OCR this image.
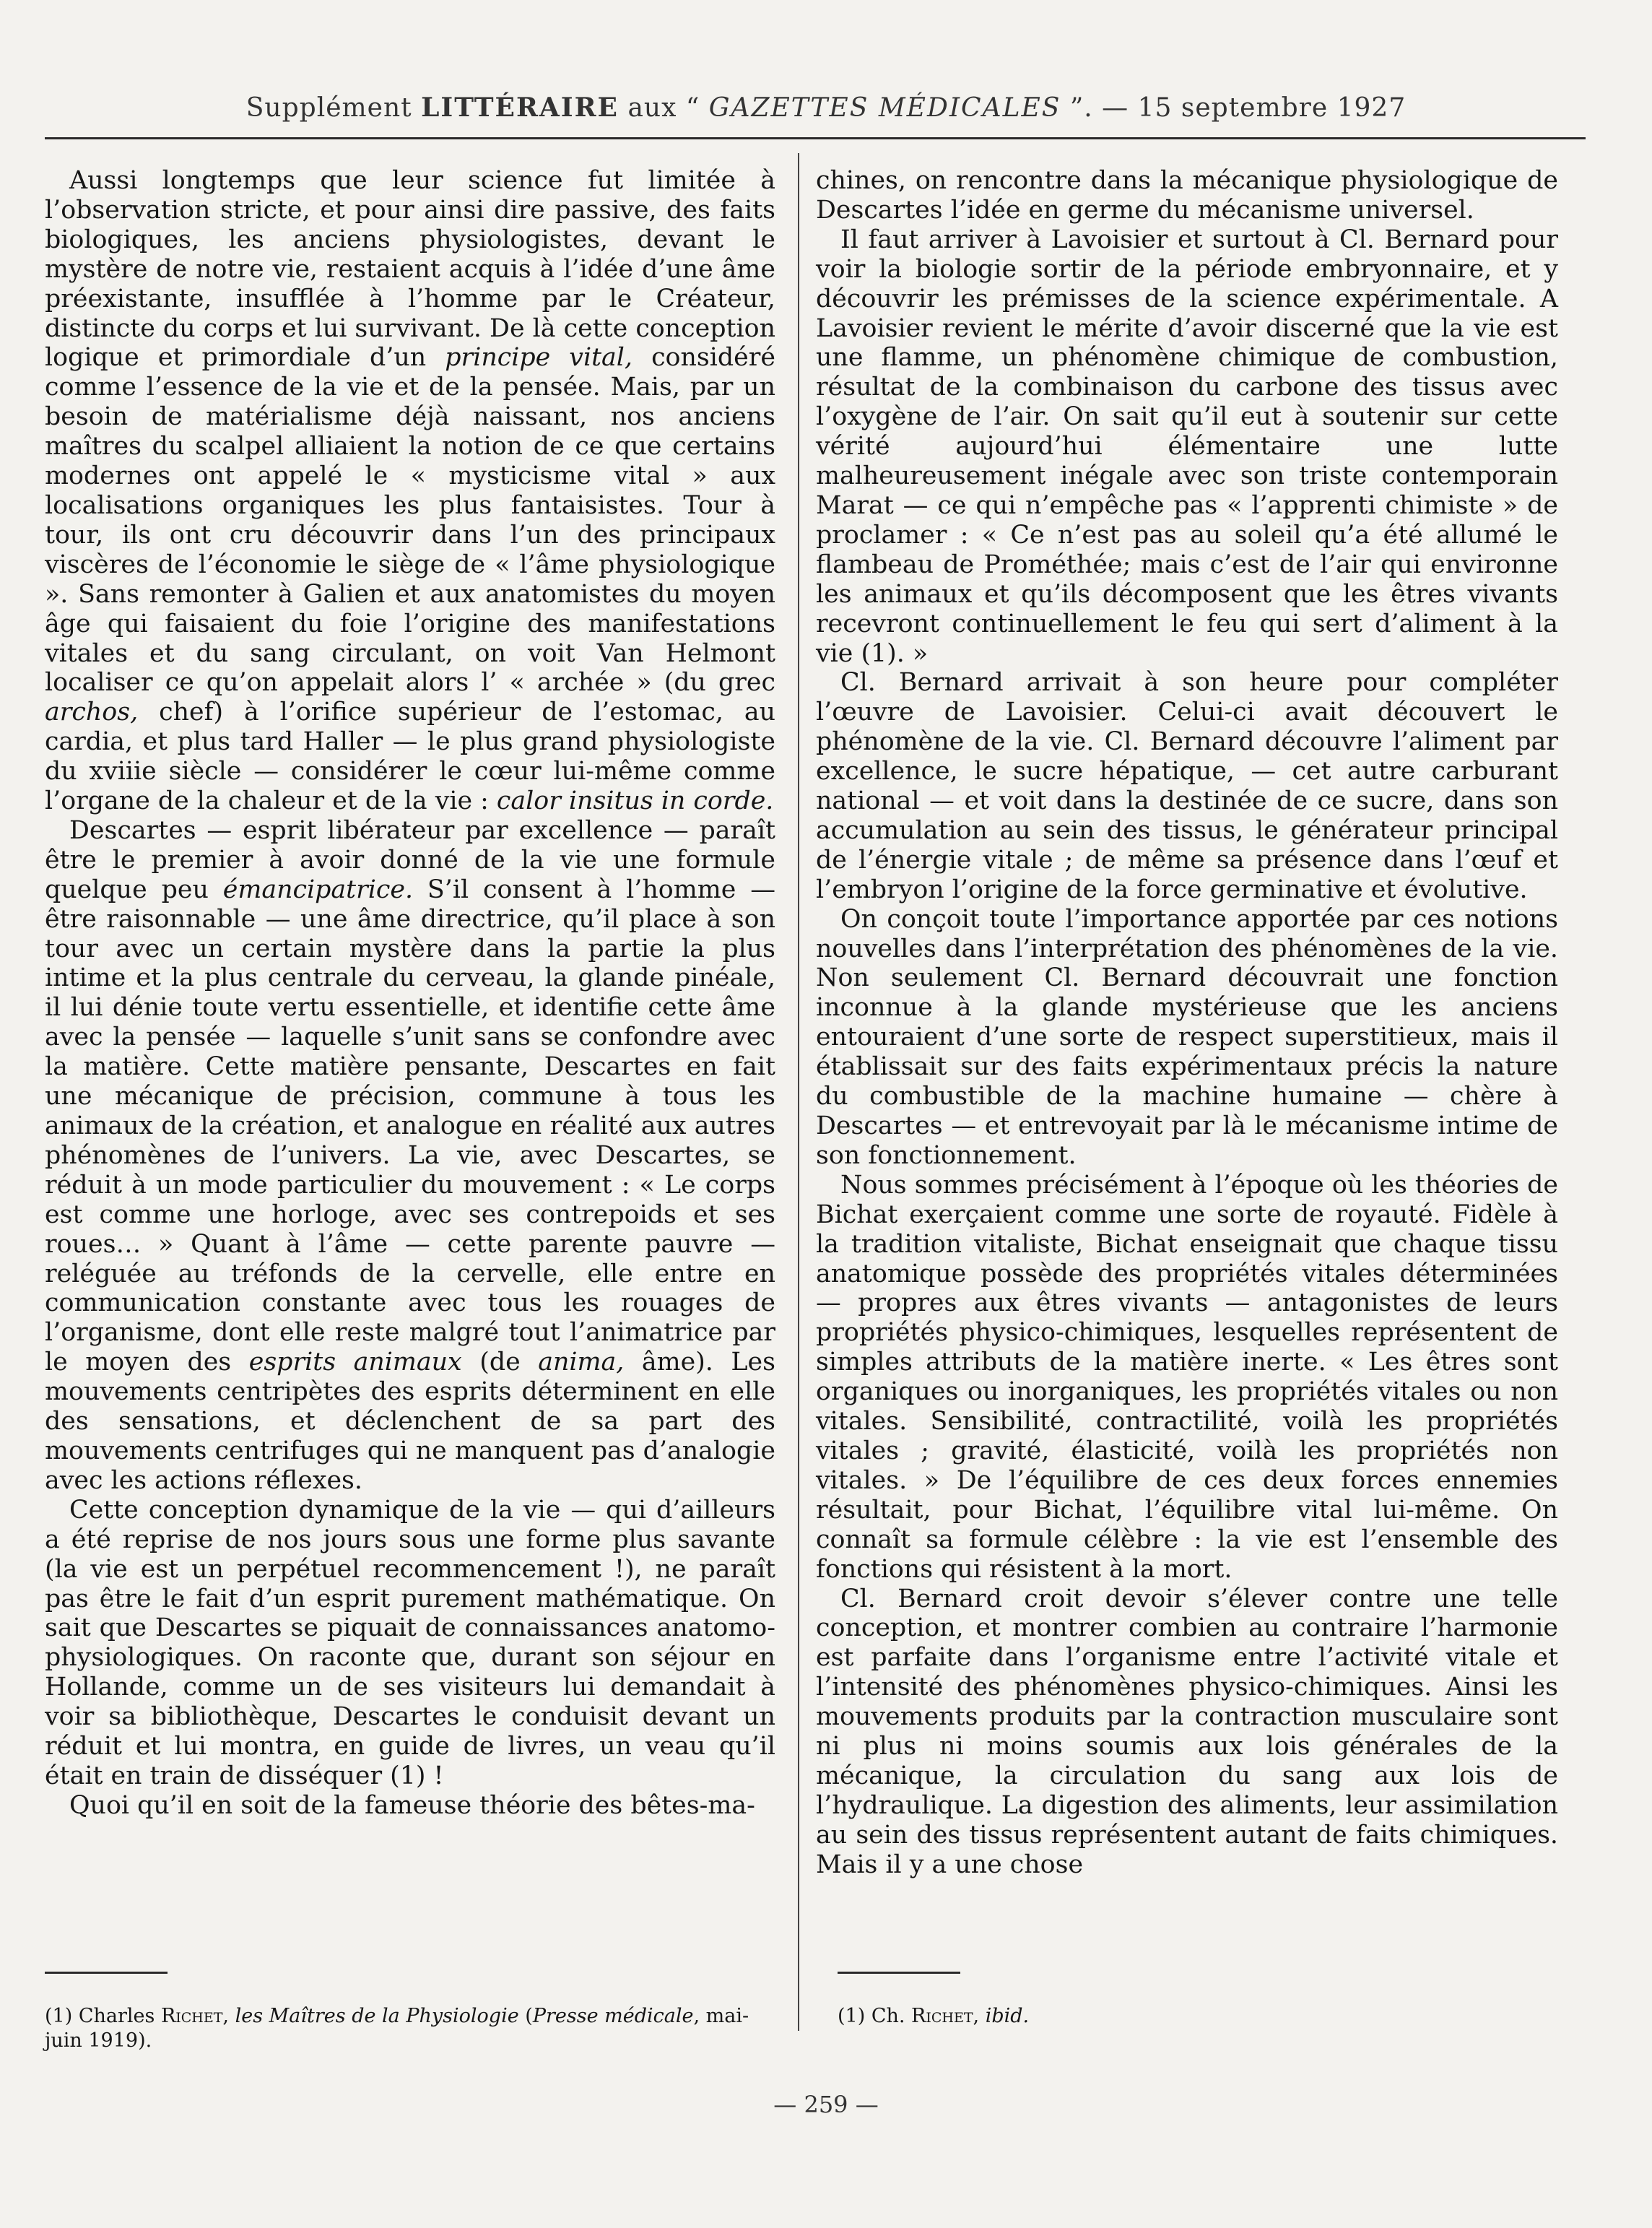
Supplément LITTÉRAIRE aux “ GAZETTES MÉDICALES ”. — 15 septembre 1927

Aussi longtemps que leur science fut limitée à l’observation stricte, et pour ainsi dire passive, des faits biologiques, les anciens physiologistes, devant le mystère de notre vie, restaient acquis à l’idée d’une âme préexistante, insufflée à l’homme par le Créateur, distincte du corps et lui survivant. De là cette conception logique et primordiale d’un principe vital, considéré comme l’essence de la vie et de la pensée. Mais, par un besoin de matérialisme déjà naissant, nos anciens maîtres du scalpel alliaient la notion de ce que certains modernes ont appelé le « mysticisme vital » aux localisations organiques les plus fantaisistes. Tour à tour, ils ont cru découvrir dans l’un des principaux viscères de l’économie le siège de « l’âme physiologique ». Sans remonter à Galien et aux anatomistes du moyen âge qui faisaient du foie l’origine des manifestations vitales et du sang circulant, on voit Van Helmont localiser ce qu’on appelait alors l’ « archée » (du grec archos, chef) à l’orifice supérieur de l’estomac, au cardia, et plus tard Haller — le plus grand physiologiste du xviiie siècle — considérer le cœur lui-même comme l’organe de la chaleur et de la vie : calor insitus in corde.

Descartes — esprit libérateur par excellence — paraît être le premier à avoir donné de la vie une formule quelque peu émancipatrice. S’il consent à l’homme — être raisonnable — une âme directrice, qu’il place à son tour avec un certain mystère dans la partie la plus intime et la plus centrale du cerveau, la glande pinéale, il lui dénie toute vertu essentielle, et identifie cette âme avec la pensée — laquelle s’unit sans se confondre avec la matière. Cette matière pensante, Descartes en fait une mécanique de précision, commune à tous les animaux de la création, et analogue en réalité aux autres phénomènes de l’univers. La vie, avec Descartes, se réduit à un mode particulier du mouvement : « Le corps est comme une horloge, avec ses contrepoids et ses roues… » Quant à l’âme — cette parente pauvre — reléguée au tréfonds de la cervelle, elle entre en communication constante avec tous les rouages de l’organisme, dont elle reste malgré tout l’animatrice par le moyen des esprits animaux (de anima, âme). Les mouvements centripètes des esprits déterminent en elle des sensations, et déclenchent de sa part des mouvements centrifuges qui ne manquent pas d’analogie avec les actions réflexes.

Cette conception dynamique de la vie — qui d’ailleurs a été reprise de nos jours sous une forme plus savante (la vie est un perpétuel recommencement !), ne paraît pas être le fait d’un esprit purement mathématique. On sait que Descartes se piquait de connaissances anatomo-physiologiques. On raconte que, durant son séjour en Hollande, comme un de ses visiteurs lui demandait à voir sa bibliothèque, Descartes le conduisit devant un réduit et lui montra, en guide de livres, un veau qu’il était en train de disséquer (1) !

Quoi qu’il en soit de la fameuse théorie des bêtes-ma-

chines, on rencontre dans la mécanique physiologique de Descartes l’idée en germe du mécanisme universel.

Il faut arriver à Lavoisier et surtout à Cl. Bernard pour voir la biologie sortir de la période embryonnaire, et y découvrir les prémisses de la science expérimentale. A Lavoisier revient le mérite d’avoir discerné que la vie est une flamme, un phénomène chimique de combustion, résultat de la combinaison du carbone des tissus avec l’oxygène de l’air. On sait qu’il eut à soutenir sur cette vérité aujourd’hui élémentaire une lutte malheureusement inégale avec son triste contemporain Marat — ce qui n’empêche pas « l’apprenti chimiste » de proclamer : « Ce n’est pas au soleil qu’a été allumé le flambeau de Prométhée; mais c’est de l’air qui environne les animaux et qu’ils décomposent que les êtres vivants recevront continuellement le feu qui sert d’aliment à la vie (1). »

Cl. Bernard arrivait à son heure pour compléter l’œuvre de Lavoisier. Celui-ci avait découvert le phénomène de la vie. Cl. Bernard découvre l’aliment par excellence, le sucre hépatique, — cet autre carburant national — et voit dans la destinée de ce sucre, dans son accumulation au sein des tissus, le générateur principal de l’énergie vitale ; de même sa présence dans l’œuf et l’embryon l’origine de la force germinative et évolutive.

On conçoit toute l’importance apportée par ces notions nouvelles dans l’interprétation des phénomènes de la vie. Non seulement Cl. Bernard découvrait une fonction inconnue à la glande mystérieuse que les anciens entouraient d’une sorte de respect superstitieux, mais il établissait sur des faits expérimentaux précis la nature du combustible de la machine humaine — chère à Descartes — et entrevoyait par là le mécanisme intime de son fonctionnement.

Nous sommes précisément à l’époque où les théories de Bichat exerçaient comme une sorte de royauté. Fidèle à la tradition vitaliste, Bichat enseignait que chaque tissu anatomique possède des propriétés vitales déterminées — propres aux êtres vivants — antagonistes de leurs propriétés physico-chimiques, lesquelles représentent de simples attributs de la matière inerte. « Les êtres sont organiques ou inorganiques, les propriétés vitales ou non vitales. Sensibilité, contractilité, voilà les propriétés vitales ; gravité, élasticité, voilà les propriétés non vitales. » De l’équilibre de ces deux forces ennemies résultait, pour Bichat, l’équilibre vital lui-même. On connaît sa formule célèbre : la vie est l’ensemble des fonctions qui résistent à la mort.

Cl. Bernard croit devoir s’élever contre une telle conception, et montrer combien au contraire l’harmonie est parfaite dans l’organisme entre l’activité vitale et l’intensité des phénomènes physico-chimiques. Ainsi les mouvements produits par la contraction musculaire sont ni plus ni moins soumis aux lois générales de la mécanique, la circulation du sang aux lois de l’hydraulique. La digestion des aliments, leur assimilation au sein des tissus représentent autant de faits chimiques. Mais il y a une chose

(1) Charles Richet, les Maîtres de la Physiologie (Presse médicale, mai-juin 1919).
(1) Ch. Richet, ibid.
— 259 —
